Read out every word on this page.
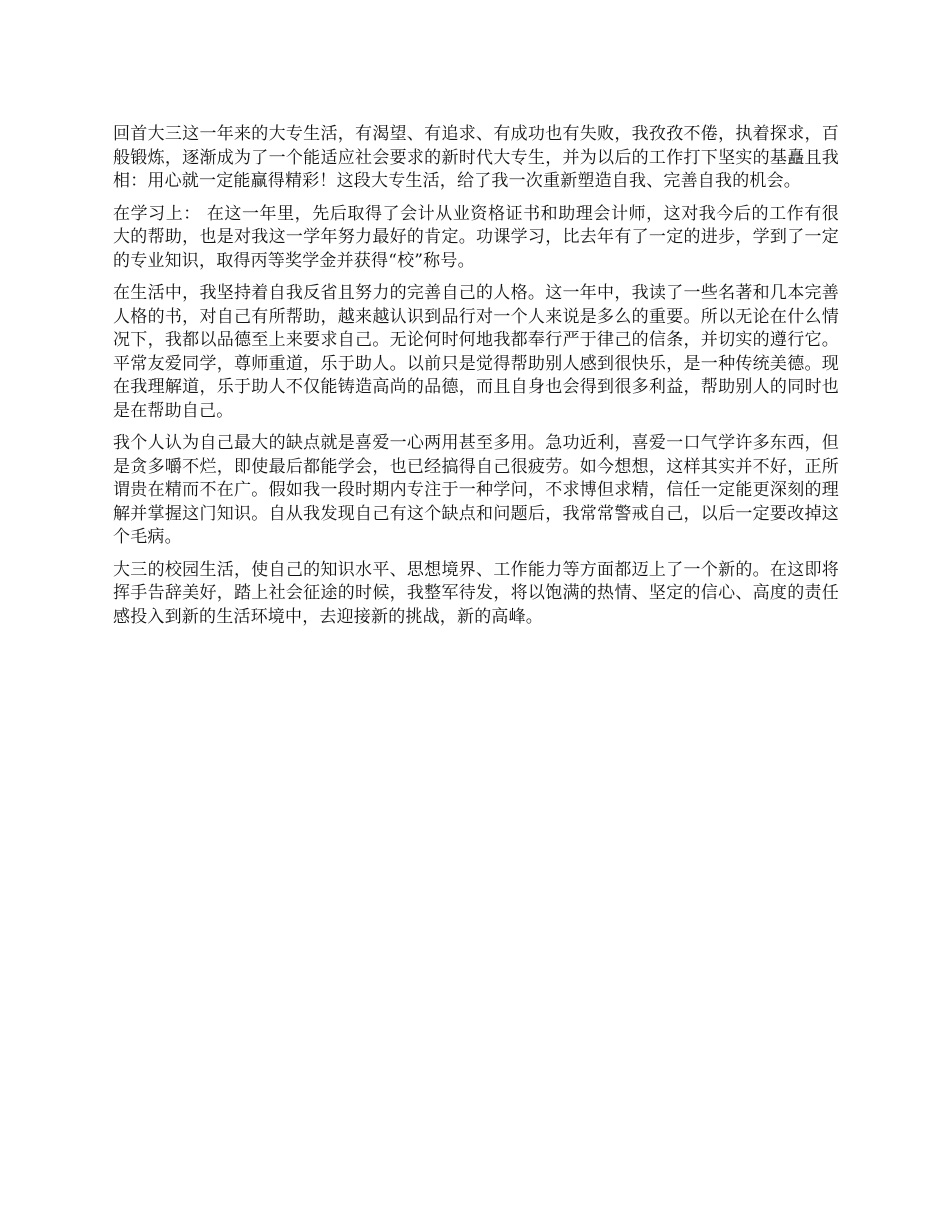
回首大三这一年来的大专生活，有渴望、有追求、有成功也有失败，我孜孜不倦，执着探求，百般锻炼，逐渐成为了一个能适应社会要求的新时代大专生，并为以后的工作打下坚实的基矗且我相：用心就一定能赢得精彩！这段大专生活，给了我一次重新塑造自我、完善自我的机会。

在学习上： 在这一年里，先后取得了会计从业资格证书和助理会计师，这对我今后的工作有很大的帮助，也是对我这一学年努力最好的肯定。功课学习，比去年有了一定的进步，学到了一定的专业知识，取得丙等奖学金并获得“校”称号。

在生活中，我坚持着自我反省且努力的完善自己的人格。这一年中，我读了一些名著和几本完善人格的书，对自己有所帮助，越来越认识到品行对一个人来说是多么的重要。所以无论在什么情况下，我都以品德至上来要求自己。无论何时何地我都奉行严于律己的信条，并切实的遵行它。平常友爱同学，尊师重道，乐于助人。以前只是觉得帮助别人感到很快乐，是一种传统美德。现在我理解道，乐于助人不仅能铸造高尚的品德，而且自身也会得到很多利益，帮助别人的同时也是在帮助自己。

我个人认为自己最大的缺点就是喜爱一心两用甚至多用。急功近利，喜爱一口气学许多东西，但是贪多嚼不烂，即使最后都能学会，也已经搞得自己很疲劳。如今想想，这样其实并不好，正所谓贵在精而不在广。假如我一段时期内专注于一种学问，不求博但求精，信任一定能更深刻的理解并掌握这门知识。自从我发现自己有这个缺点和问题后，我常常警戒自己，以后一定要改掉这个毛病。

大三的校园生活，使自己的知识水平、思想境界、工作能力等方面都迈上了一个新的。在这即将挥手告辞美好，踏上社会征途的时候，我整军待发，将以饱满的热情、坚定的信心、高度的责任感投入到新的生活环境中，去迎接新的挑战，新的高峰。
